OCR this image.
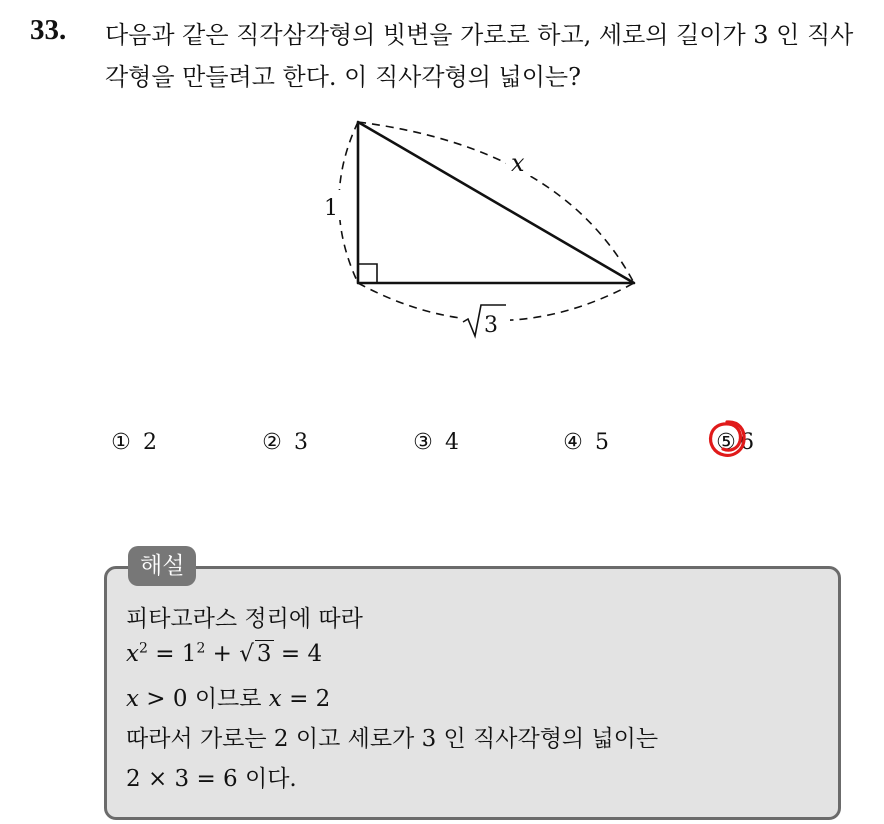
33. 다음과 같은 직각삼각형의 빗변을 가로로 하고, 세로의 길이가 3 인 직사각형을 만들려고 한다. 이 직사각형의 넓이는?
x
1
3
① 2	② 3	③ 4	④ 5	⑤ 6
해설
피타고라스 정리에 따라
$x^2 = 1^2$ + √ 3 = 4
x > 0 이므로 x = 2
따라서 가로는 2 이고 세로가 3 인 직사각형의 넓이는
2 × 3 = 6 이다.
